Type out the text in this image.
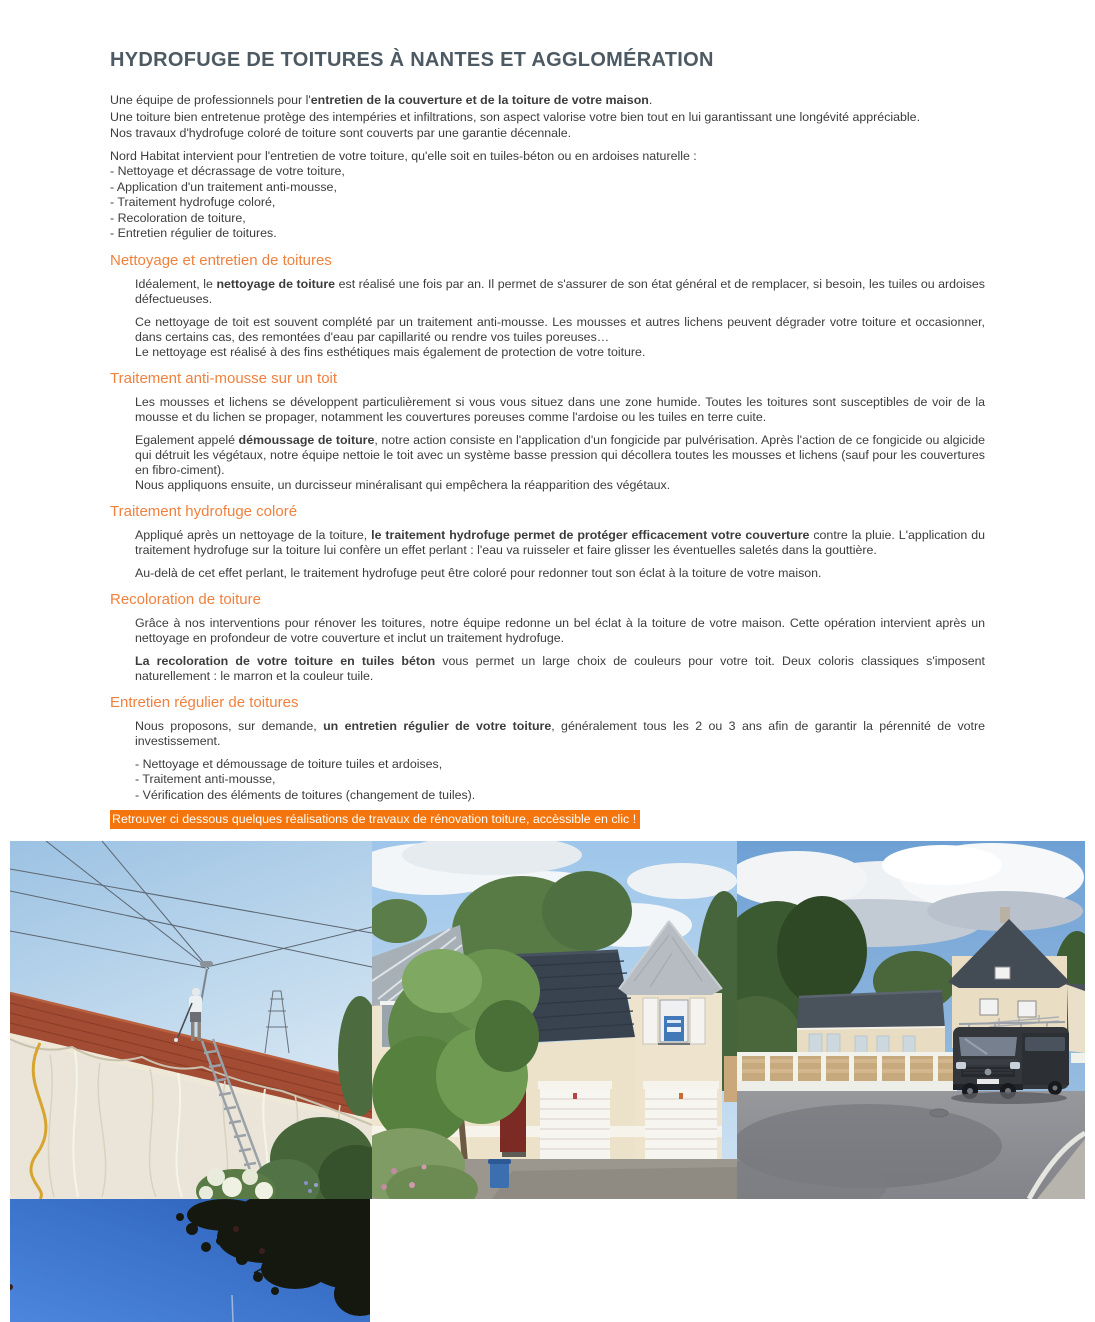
HYDROFUGE DE TOITURES À NANTES ET AGGLOMÉRATION
Une équipe de professionnels pour l'entretien de la couverture et de la toiture de votre maison.
Une toiture bien entretenue protège des intempéries et infiltrations, son aspect valorise votre bien tout en lui garantissant une longévité appréciable.
Nos travaux d'hydrofuge coloré de toiture sont couverts par une garantie décennale.
Nord Habitat intervient pour l'entretien de votre toiture, qu'elle soit en tuiles-béton ou en ardoises naturelle :
- Nettoyage et décrassage de votre toiture,
- Application d'un traitement anti-mousse,
- Traitement hydrofuge coloré,
- Recoloration de toiture,
- Entretien régulier de toitures.
Nettoyage et entretien de toitures

Idéalement, le nettoyage de toiture est réalisé une fois par an. Il permet de s'assurer de son état général et de remplacer, si besoin, les tuiles ou ardoises défectueuses.

Ce nettoyage de toit est souvent complété par un traitement anti-mousse. Les mousses et autres lichens peuvent dégrader votre toiture et occasionner, dans certains cas, des remontées d'eau par capillarité ou rendre vos tuiles poreuses…
Le nettoyage est réalisé à des fins esthétiques mais également de protection de votre toiture.

Traitement anti-mousse sur un toit

Les mousses et lichens se développent particulièrement si vous vous situez dans une zone humide. Toutes les toitures sont susceptibles de voir de la mousse et du lichen se propager, notamment les couvertures poreuses comme l'ardoise ou les tuiles en terre cuite.

Egalement appelé démoussage de toiture, notre action consiste en l'application d'un fongicide par pulvérisation. Après l'action de ce fongicide ou algicide qui détruit les végétaux, notre équipe nettoie le toit avec un système basse pression qui décollera toutes les mousses et lichens (sauf pour les couvertures en fibro-ciment).
Nous appliquons ensuite, un durcisseur minéralisant qui empêchera la réapparition des végétaux.

Traitement hydrofuge coloré

Appliqué après un nettoyage de la toiture, le traitement hydrofuge permet de protéger efficacement votre couverture contre la pluie. L'application du traitement hydrofuge sur la toiture lui confère un effet perlant : l'eau va ruisseler et faire glisser les éventuelles saletés dans la gouttière.

Au-delà de cet effet perlant, le traitement hydrofuge peut être coloré pour redonner tout son éclat à la toiture de votre maison.

Recoloration de toiture

Grâce à nos interventions pour rénover les toitures, notre équipe redonne un bel éclat à la toiture de votre maison. Cette opération intervient après un nettoyage en profondeur de votre couverture et inclut un traitement hydrofuge.

La recoloration de votre toiture en tuiles béton vous permet un large choix de couleurs pour votre toit. Deux coloris classiques s'imposent naturellement : le marron et la couleur tuile.

Entretien régulier de toitures

Nous proposons, sur demande, un entretien régulier de votre toiture, généralement tous les 2 ou 3 ans afin de garantir la pérennité de votre investissement.

- Nettoyage et démoussage de toiture tuiles et ardoises,
- Traitement anti-mousse,
- Vérification des éléments de toitures (changement de tuiles).
Retrouver ci dessous quelques réalisations de travaux de rénovation toiture, accèssible en clic !
